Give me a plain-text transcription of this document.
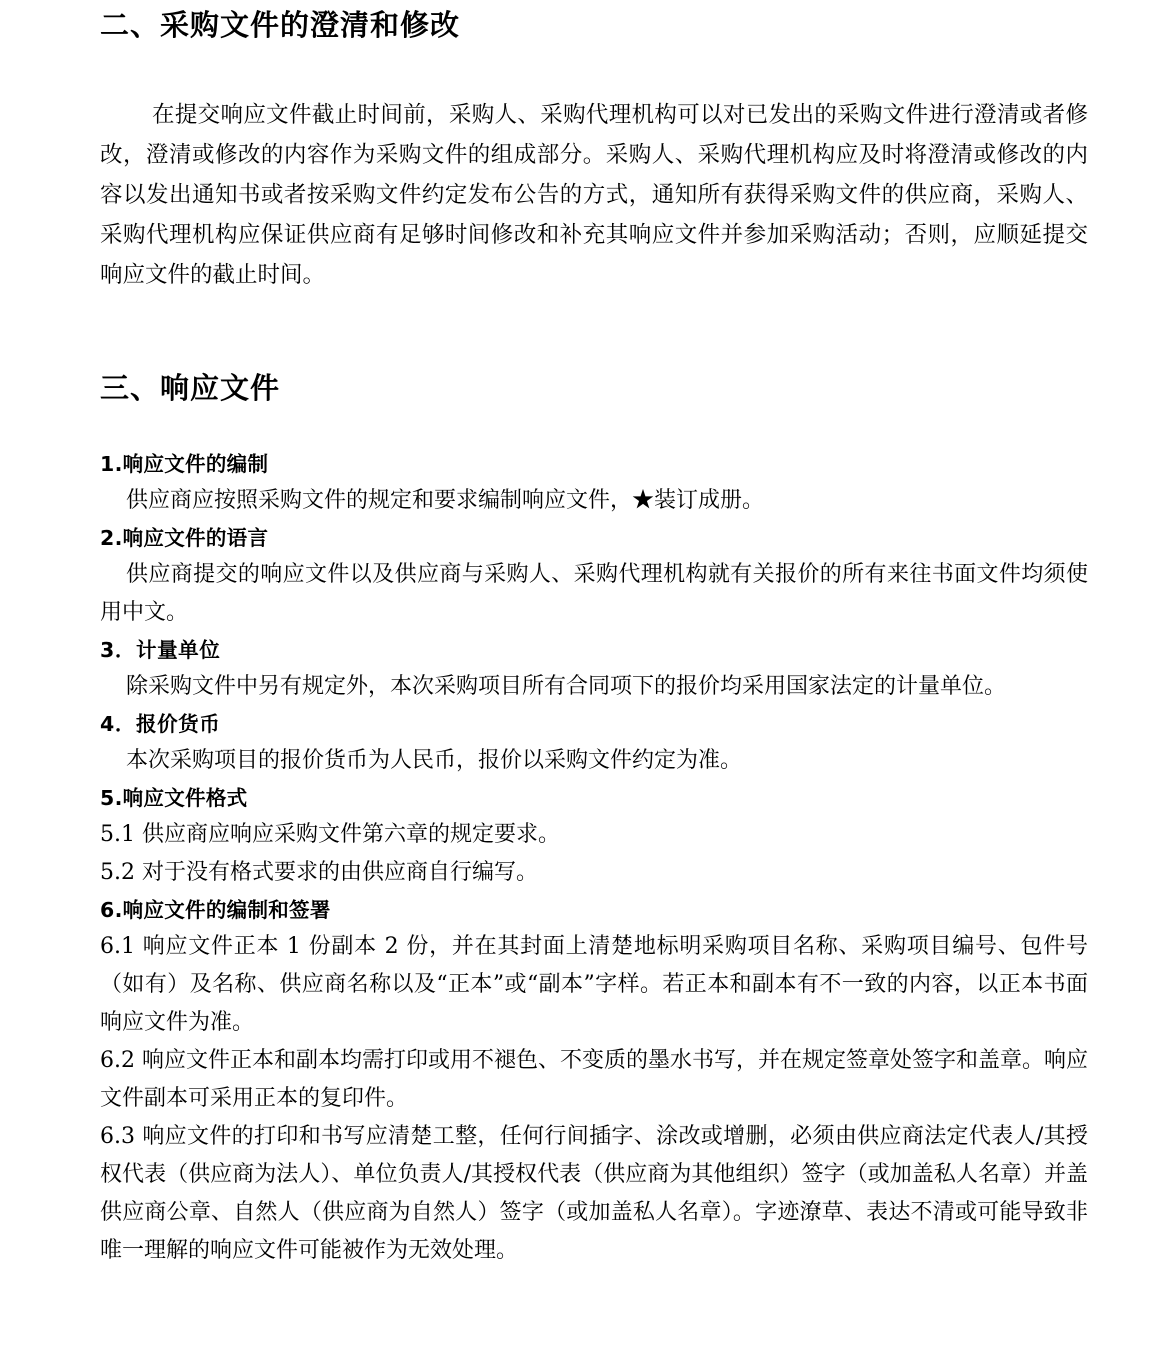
二、采购文件的澄清和修改

在提交响应文件截止时间前，采购人、采购代理机构可以对已发出的采购文件进行澄清或者修改，澄清或修改的内容作为采购文件的组成部分。采购人、采购代理机构应及时将澄清或修改的内容以发出通知书或者按采购文件约定发布公告的方式，通知所有获得采购文件的供应商，采购人、采购代理机构应保证供应商有足够时间修改和补充其响应文件并参加采购活动；否则，应顺延提交响应文件的截止时间。

三、响应文件
1.响应文件的编制

供应商应按照采购文件的规定和要求编制响应文件，★装订成册。

2.响应文件的语言

供应商提交的响应文件以及供应商与采购人、采购代理机构就有关报价的所有来往书面文件均须使用中文。

3．计量单位

除采购文件中另有规定外，本次采购项目所有合同项下的报价均采用国家法定的计量单位。

4．报价货币

本次采购项目的报价货币为人民币，报价以采购文件约定为准。

5.响应文件格式

5.1 供应商应响应采购文件第六章的规定要求。

5.2 对于没有格式要求的由供应商自行编写。

6.响应文件的编制和签署

6.1 响应文件正本 1 份副本 2 份，并在其封面上清楚地标明采购项目名称、采购项目编号、包件号（如有）及名称、供应商名称以及“正本”或“副本”字样。若正本和副本有不一致的内容，以正本书面响应文件为准。

6.2 响应文件正本和副本均需打印或用不褪色、不变质的墨水书写，并在规定签章处签字和盖章。响应文件副本可采用正本的复印件。

6.3 响应文件的打印和书写应清楚工整，任何行间插字、涂改或增删，必须由供应商法定代表人/其授权代表（供应商为法人）、单位负责人/其授权代表（供应商为其他组织）签字（或加盖私人名章）并盖供应商公章、自然人（供应商为自然人）签字（或加盖私人名章）。字迹潦草、表达不清或可能导致非唯一理解的响应文件可能被作为无效处理。
